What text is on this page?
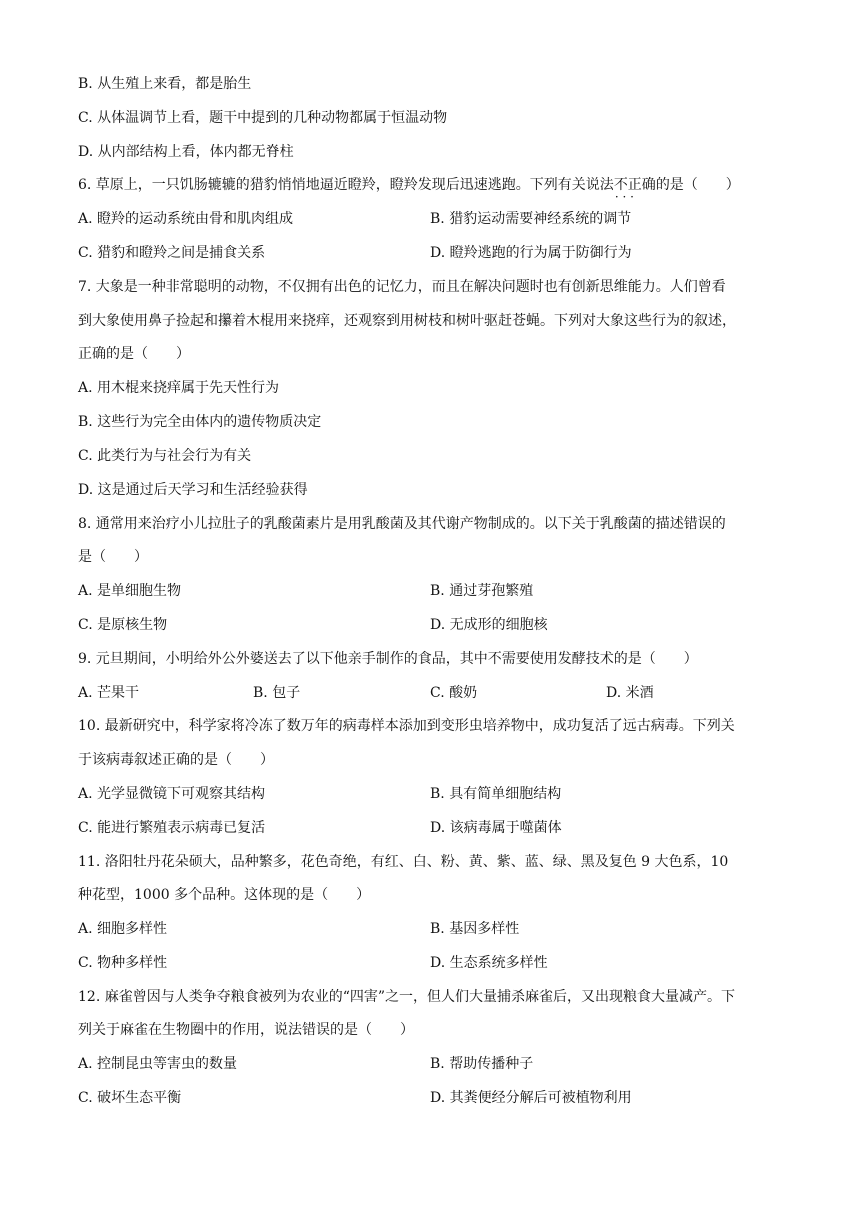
B. 从生殖上来看，都是胎生
C. 从体温调节上看，题干中提到的几种动物都属于恒温动物
D. 从内部结构上看，体内都无脊柱
6. 草原上，一只饥肠辘辘的猎豹悄悄地逼近瞪羚，瞪羚发现后迅速逃跑。下列有关说法不正确 · · ·的是（　　）
A. 瞪羚的运动系统由骨和肌肉组成	B. 猎豹运动需要神经系统的调节
C. 猎豹和瞪羚之间是捕食关系	D. 瞪羚逃跑的行为属于防御行为
7. 大象是一种非常聪明的动物，不仅拥有出色的记忆力，而且在解决问题时也有创新思维能力。人们曾看
到大象使用鼻子捡起和攥着木棍用来挠痒，还观察到用树枝和树叶驱赶苍蝇。下列对大象这些行为的叙述，
正确的是（　　）
A. 用木棍来挠痒属于先天性行为
B. 这些行为完全由体内的遗传物质决定
C. 此类行为与社会行为有关
D. 这是通过后天学习和生活经验获得
8. 通常用来治疗小儿拉肚子的乳酸菌素片是用乳酸菌及其代谢产物制成的。以下关于乳酸菌的描述错误的
是（　　）
A. 是单细胞生物	B. 通过芽孢繁殖
C. 是原核生物	D. 无成形的细胞核
9. 元旦期间，小明给外公外婆送去了以下他亲手制作的食品，其中不需要使用发酵技术的是（　　）
A. 芒果干	B. 包子	C. 酸奶	D. 米酒
10. 最新研究中，科学家将冷冻了数万年的病毒样本添加到变形虫培养物中，成功复活了远古病毒。下列关
于该病毒叙述正确的是（　　）
A. 光学显微镜下可观察其结构	B. 具有简单细胞结构
C. 能进行繁殖表示病毒已复活	D. 该病毒属于噬菌体
11. 洛阳牡丹花朵硕大，品种繁多，花色奇绝，有红、白、粉、黄、紫、蓝、绿、黑及复色 9 大色系，10
种花型，1000 多个品种。这体现的是（　　）
A. 细胞多样性	B. 基因多样性
C. 物种多样性	D. 生态系统多样性
12. 麻雀曾因与人类争夺粮食被列为农业的“四害”之一，但人们大量捕杀麻雀后，又出现粮食大量减产。下
列关于麻雀在生物圈中的作用，说法错误的是（　　）
A. 控制昆虫等害虫的数量	B. 帮助传播种子
C. 破坏生态平衡	D. 其粪便经分解后可被植物利用
